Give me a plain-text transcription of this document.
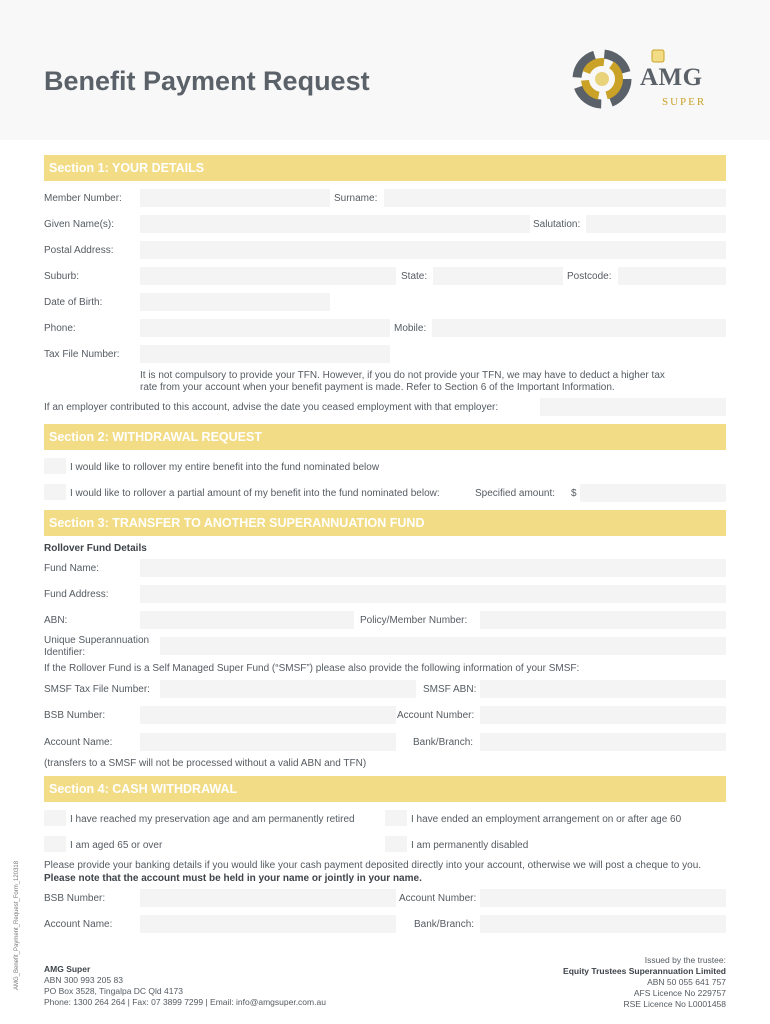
Benefit Payment Request	AMG
SUPER
Section 1: YOUR DETAILS
Member Number:	Surname:
Given Name(s):	Salutation:
Postal Address:
Suburb:	State:	Postcode:
Date of Birth:
Phone:	Mobile:
Tax File Number:
It is not compulsory to provide your TFN. However, if you do not provide your TFN, we may have to deduct a higher tax
rate from your account when your benefit payment is made. Refer to Section 6 of the Important Information.
If an employer contributed to this account, advise the date you ceased employment with that employer:
Section 2: WITHDRAWAL REQUEST
I would like to rollover my entire benefit into the fund nominated below
I would like to rollover a partial amount of my benefit into the fund nominated below:	Specified amount: $
Section 3: TRANSFER TO ANOTHER SUPERANNUATION FUND
Rollover Fund Details
Fund Name:
Fund Address:
ABN:	Policy/Member Number:
Unique Superannuation
Identifier:
If the Rollover Fund is a Self Managed Super Fund (“SMSF”) please also provide the following information of your SMSF:
SMSF Tax File Number:	SMSF ABN:
BSB Number:	Account Number:
Account Name:	Bank/Branch:
(transfers to a SMSF will not be processed without a valid ABN and TFN)
Section 4: CASH WITHDRAWAL
I have reached my preservation age and am permanently retired	I have ended an employment arrangement on or after age 60
I am aged 65 or over	I am permanently disabled
Please provide your banking details if you would like your cash payment deposited directly into your account, otherwise we will post a cheque to you.
Please note that the account must be held in your name or jointly in your name.
BSB Number:	Account Number:
Account Name:	Bank/Branch:
AMG_Benefit_Payment_Request_Form_120318	AMG Super
ABN 300 993 205 83
PO Box 3528, Tingalpa DC Qld 4173
Phone: 1300 264 264 | Fax: 07 3899 7299 | Email: info@amgsuper.com.au
Issued by the trustee:
Equity Trustees Superannuation Limited
ABN 50 055 641 757
AFS Licence No 229757
RSE Licence No L0001458
